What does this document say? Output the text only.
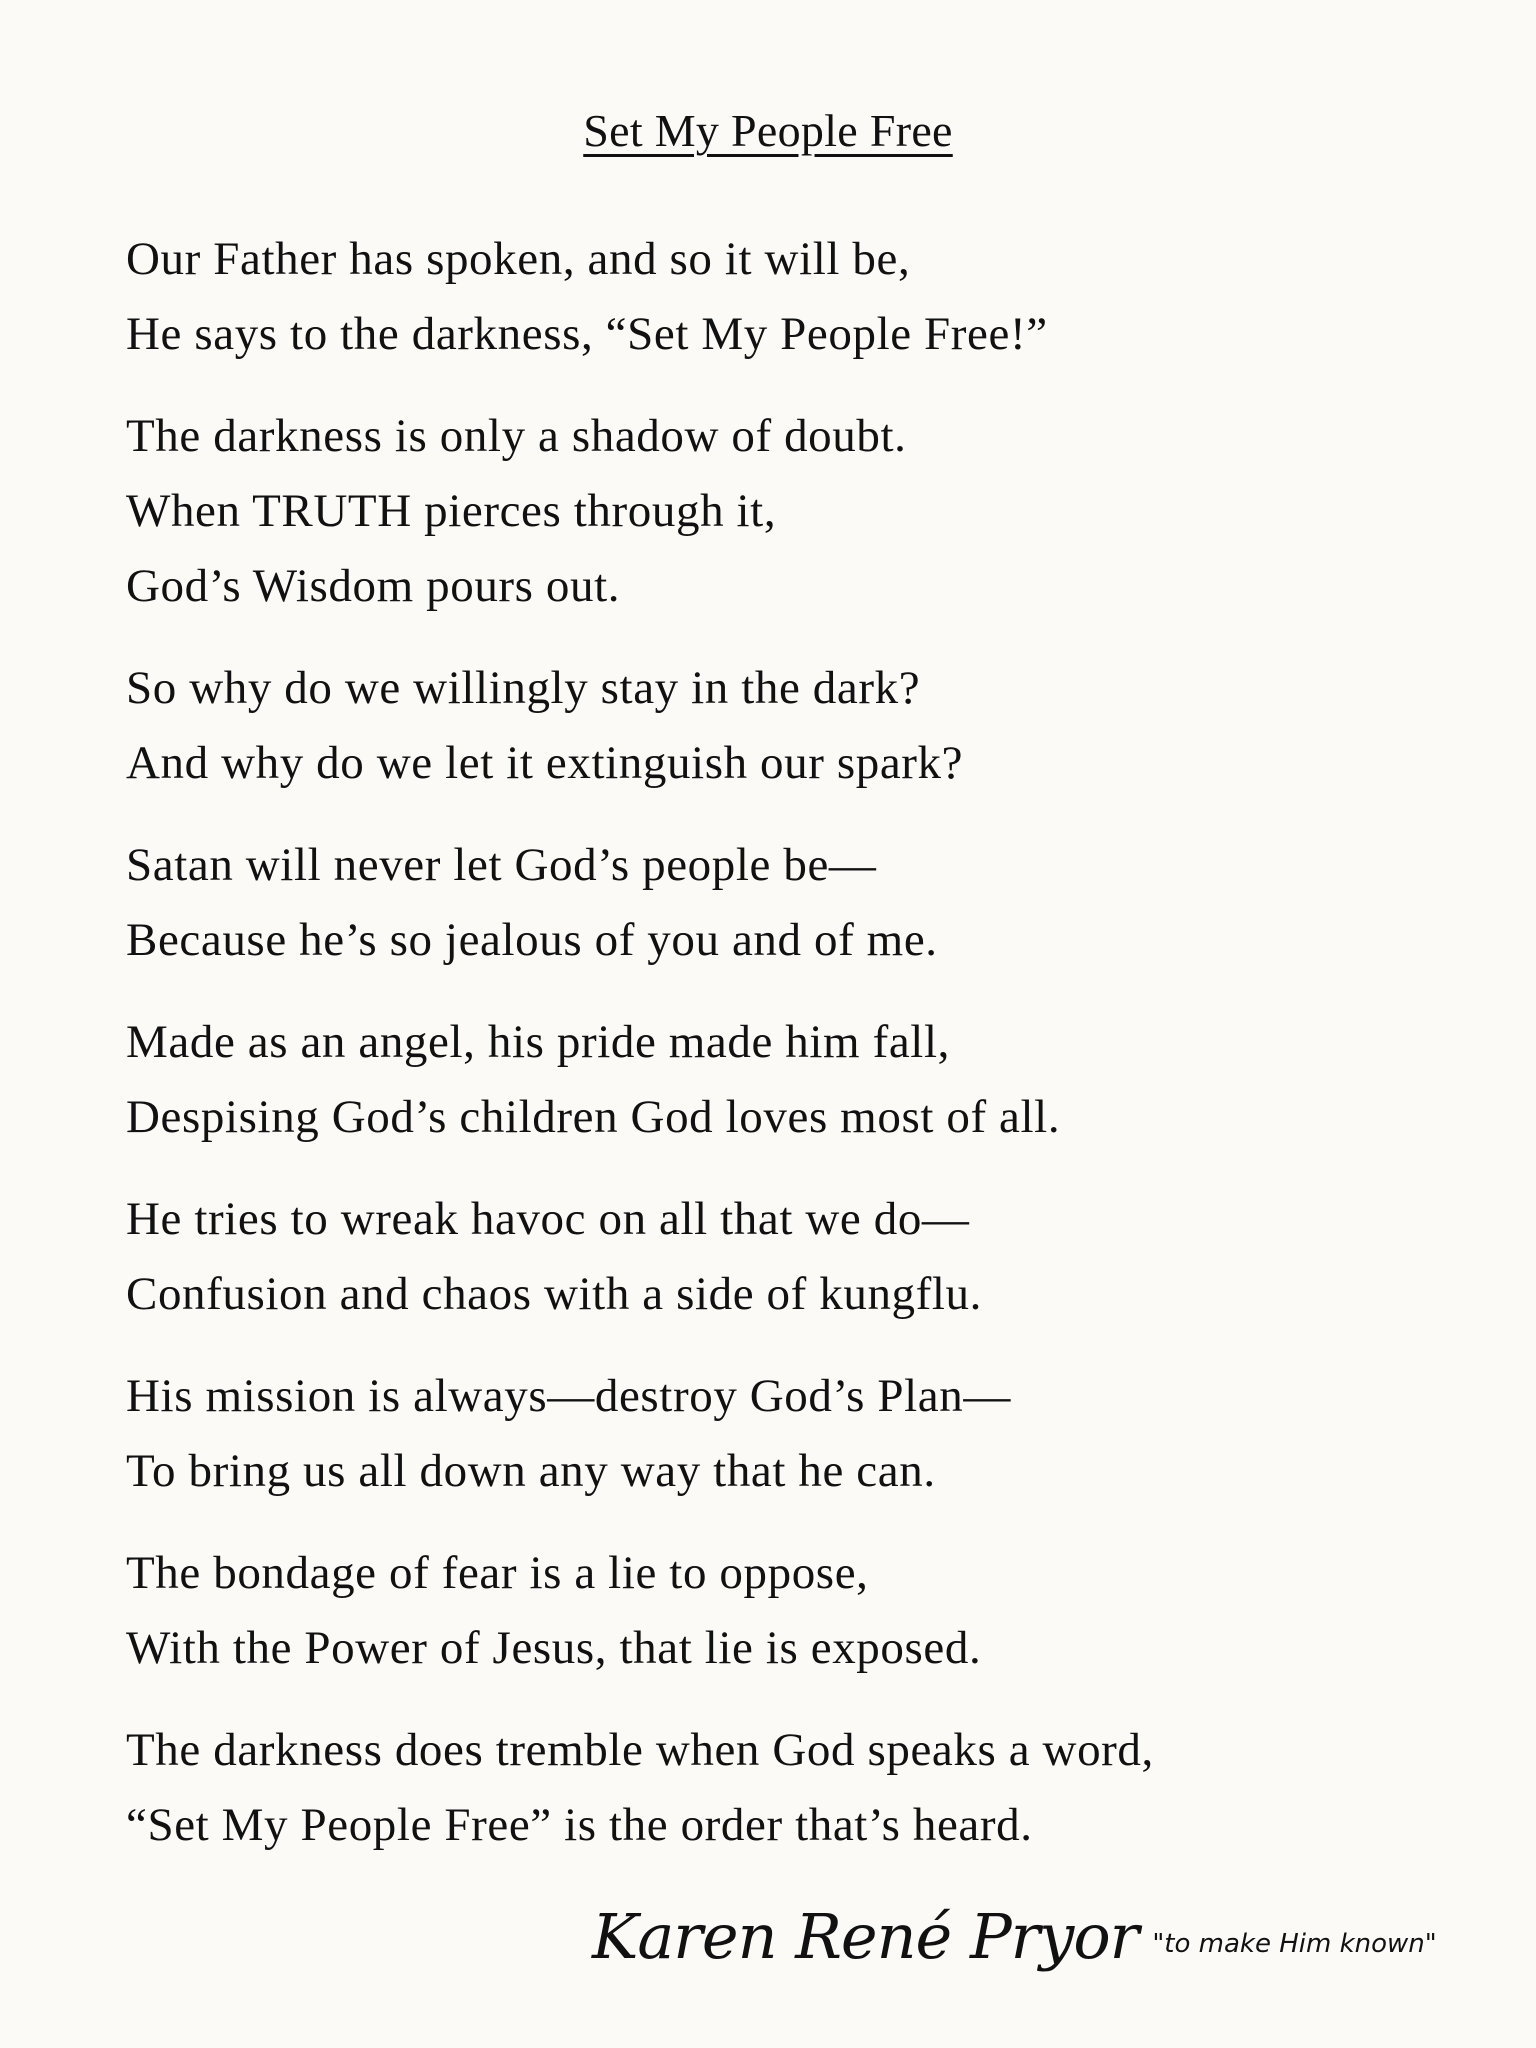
Set My People Free
Our Father has spoken, and so it will be,
He says to the darkness, “Set My People Free!”
The darkness is only a shadow of doubt.
When TRUTH pierces through it,
God’s Wisdom pours out.
So why do we willingly stay in the dark?
And why do we let it extinguish our spark?
Satan will never let God’s people be—
Because he’s so jealous of you and of me.
Made as an angel, his pride made him fall,
Despising God’s children God loves most of all.
He tries to wreak havoc on all that we do—
Confusion and chaos with a side of kungflu.
His mission is always—destroy God’s Plan—
To bring us all down any way that he can.
The bondage of fear is a lie to oppose,
With the Power of Jesus, that lie is exposed.
The darkness does tremble when God speaks a word,
“Set My People Free” is the order that’s heard.
Karen René Pryor "to make Him known"
